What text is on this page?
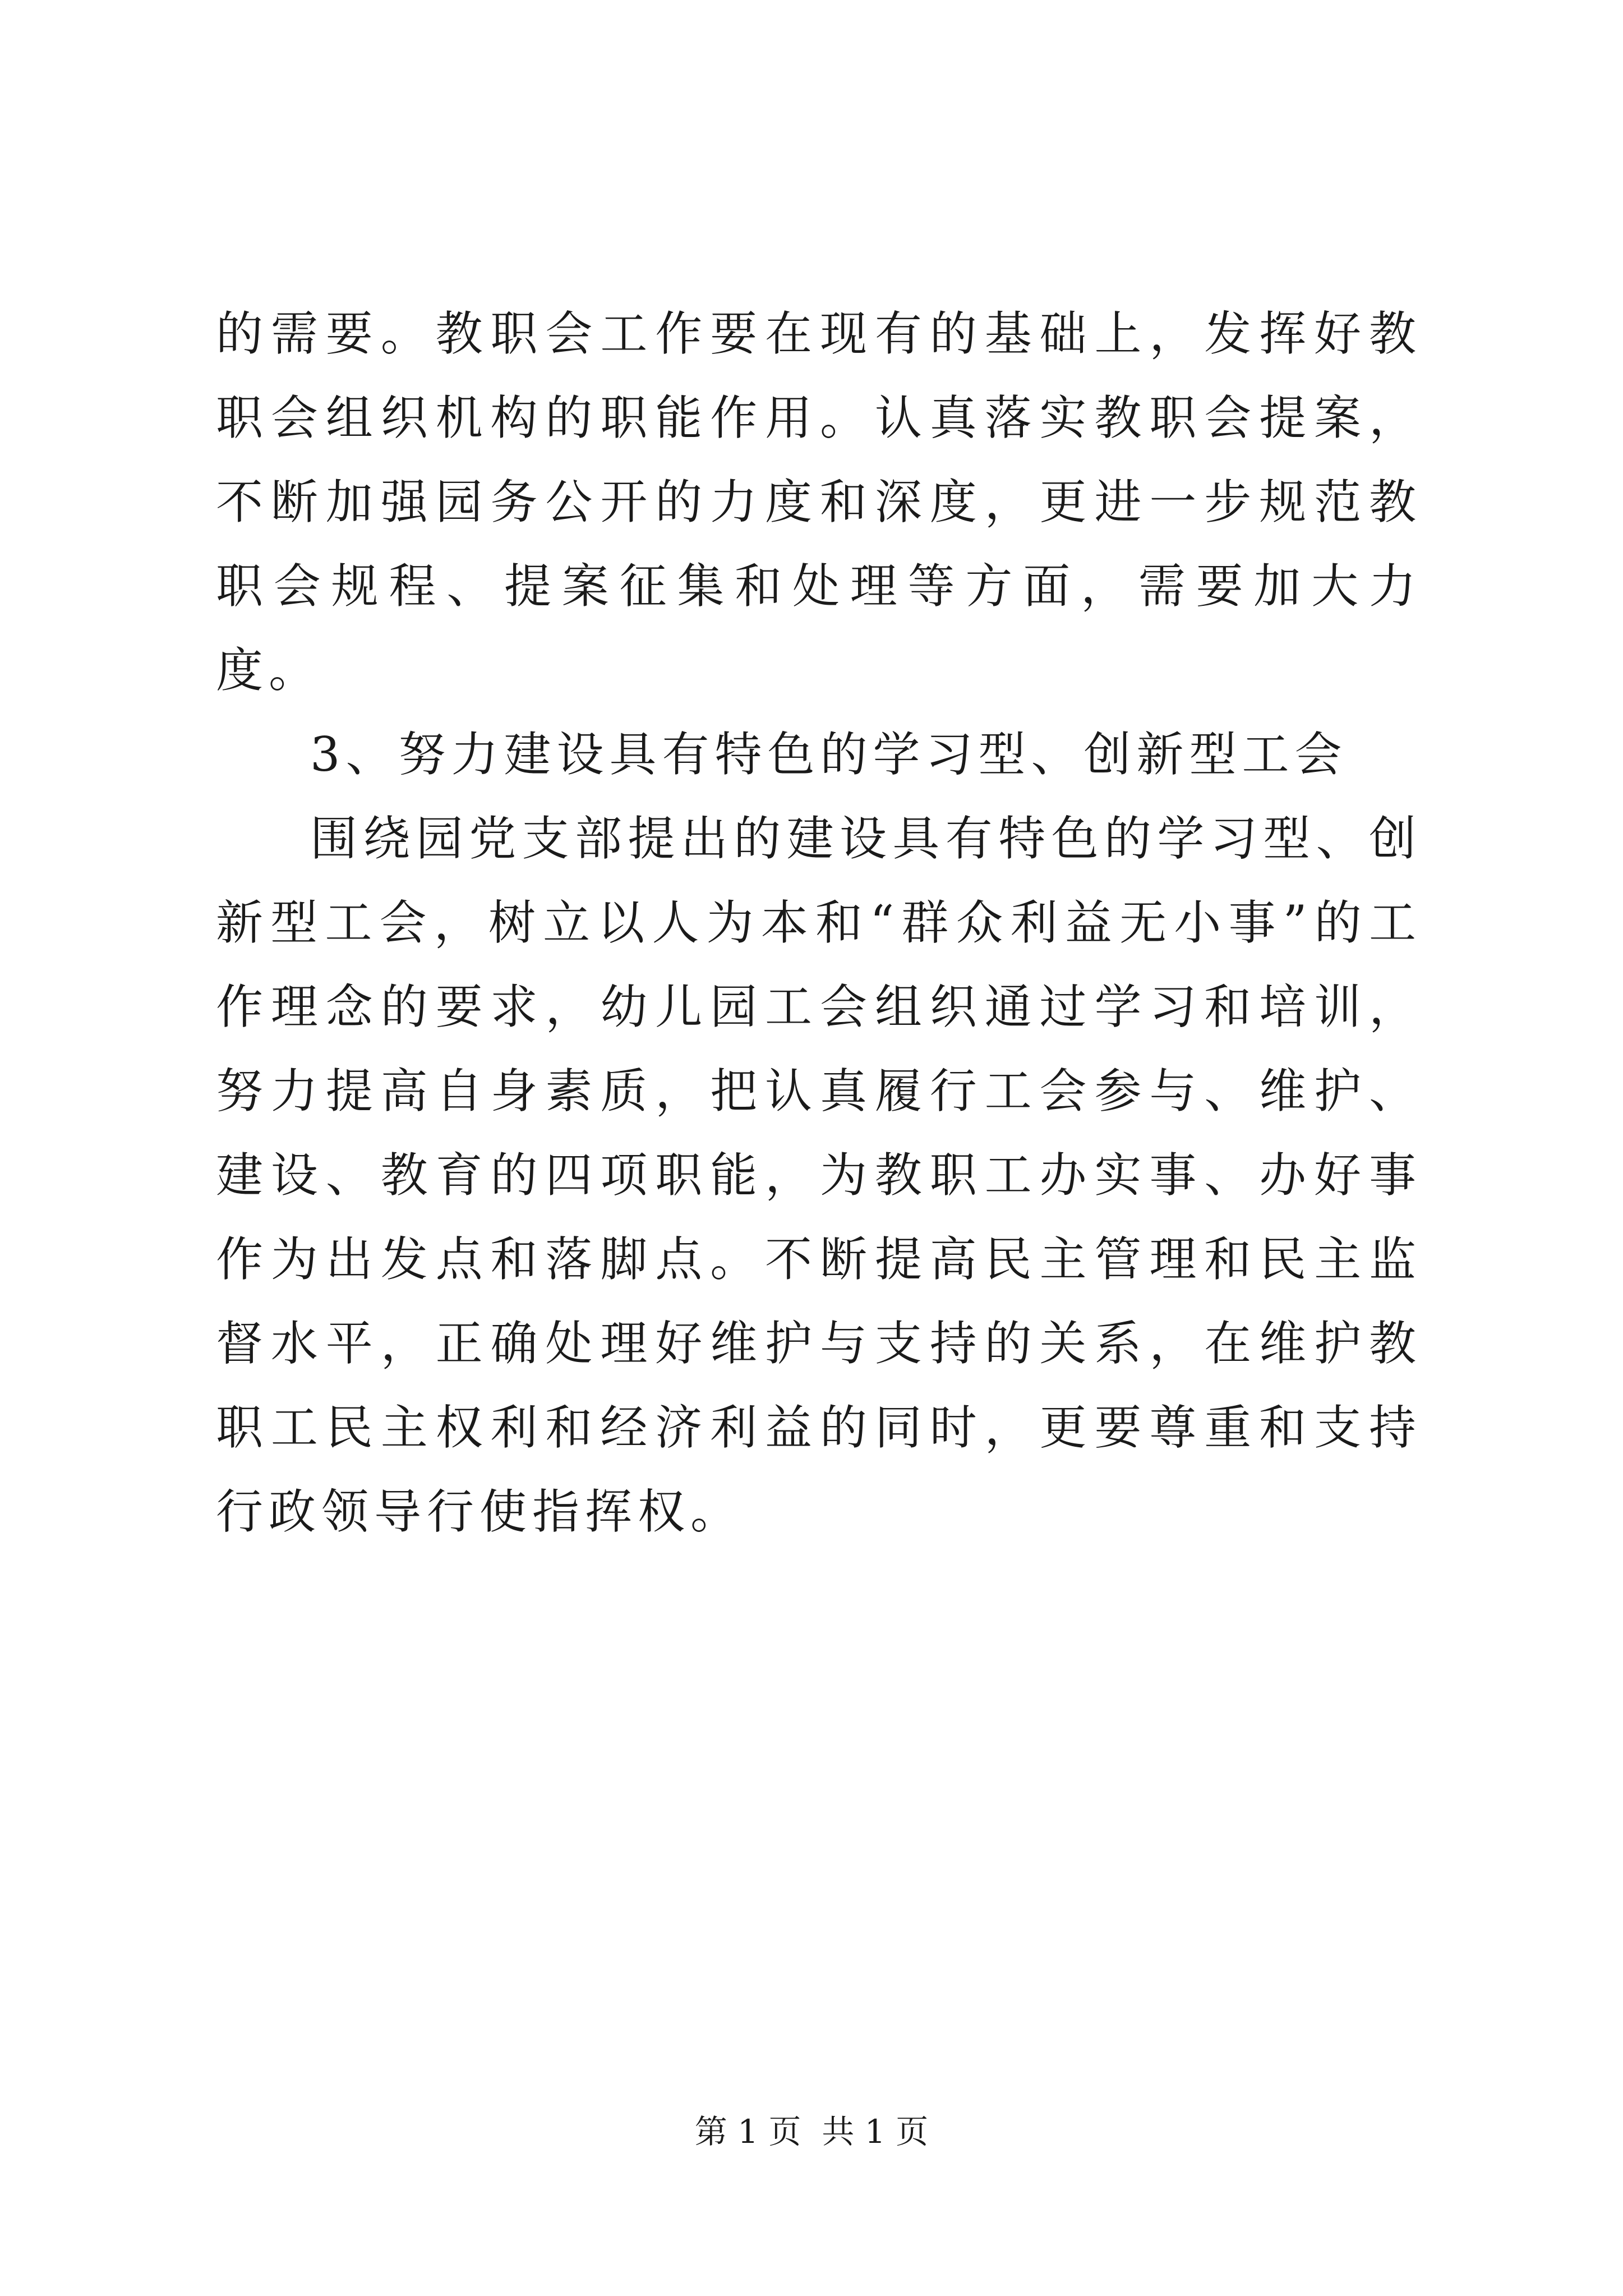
的需要。教职会工作要在现有的基础上，发挥好教职会组织机构的职能作用。认真落实教职会提案，不断加强园务公开的力度和深度，更进一步规范教职会规程、提案征集和处理等方面，需要加大力度。

3、努力建设具有特色的学习型、创新型工会

围绕园党支部提出的建设具有特色的学习型、创新型工会，树立以人为本和“群众利益无小事”的工作理念的要求，幼儿园工会组织通过学习和培训，努力提高自身素质，把认真履行工会参与、维护、建设、教育的四项职能，为教职工办实事、办好事作为出发点和落脚点。不断提高民主管理和民主监督水平，正确处理好维护与支持的关系，在维护教职工民主权利和经济利益的同时，更要尊重和支持行政领导行使指挥权。

第 1 页  共 1 页
